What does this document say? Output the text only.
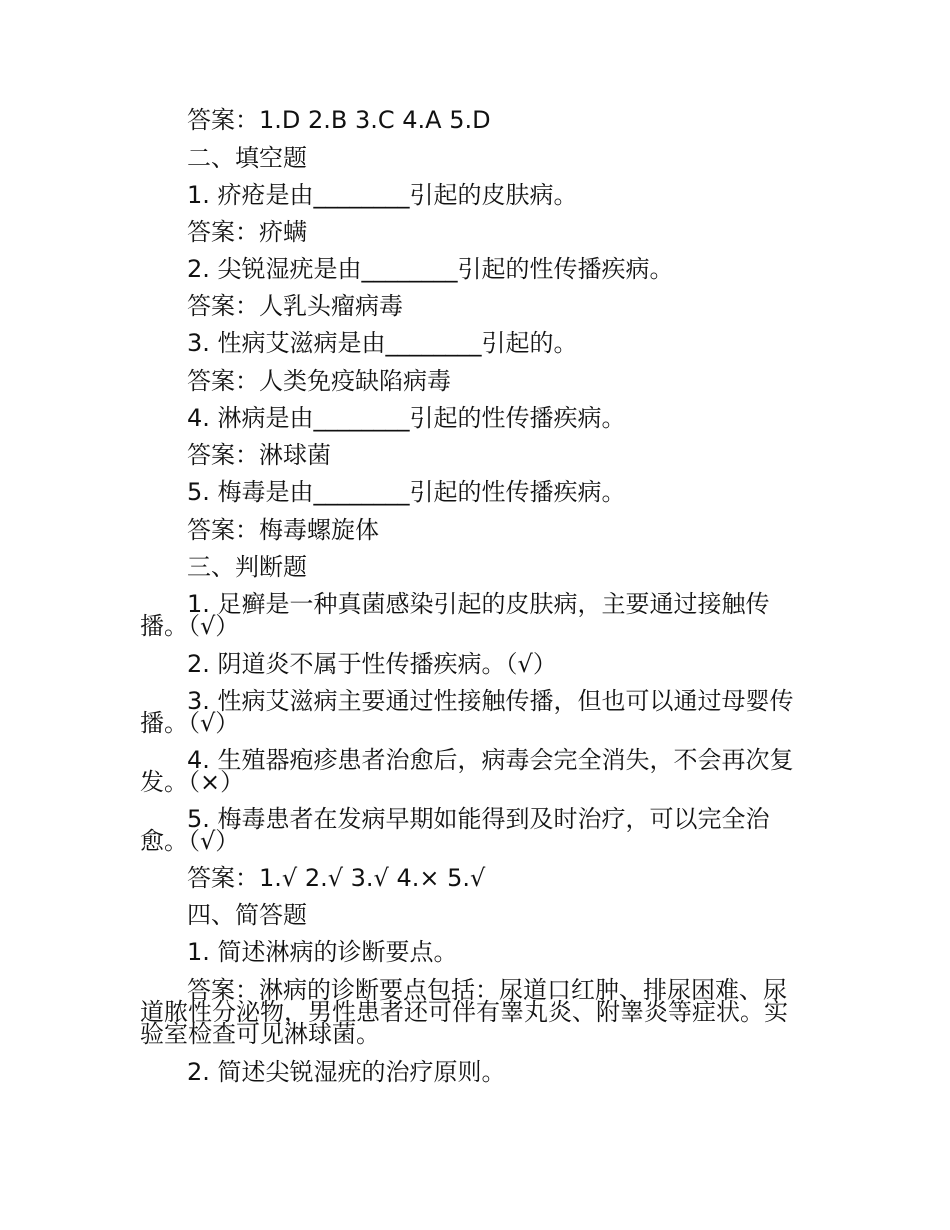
答案：1.D 2.B 3.C 4.A 5.D
二、填空题
1. 疥疮是由________引起的皮肤病。
答案：疥螨
2. 尖锐湿疣是由________引起的性传播疾病。
答案：人乳头瘤病毒
3. 性病艾滋病是由________引起的。
答案：人类免疫缺陷病毒
4. 淋病是由________引起的性传播疾病。
答案：淋球菌
5. 梅毒是由________引起的性传播疾病。
答案：梅毒螺旋体
三、判断题
1. 足癣是一种真菌感染引起的皮肤病，主要通过接触传
播。（√）
2. 阴道炎不属于性传播疾病。（√）
3. 性病艾滋病主要通过性接触传播，但也可以通过母婴传
播。（√）
4. 生殖器疱疹患者治愈后，病毒会完全消失，不会再次复
发。（×）
5. 梅毒患者在发病早期如能得到及时治疗，可以完全治
愈。（√）
答案：1.√ 2.√ 3.√ 4.× 5.√
四、简答题
1. 简述淋病的诊断要点。
答案：淋病的诊断要点包括：尿道口红肿、排尿困难、尿
道脓性分泌物，男性患者还可伴有睾丸炎、附睾炎等症状。实
验室检查可见淋球菌。
2. 简述尖锐湿疣的治疗原则。
